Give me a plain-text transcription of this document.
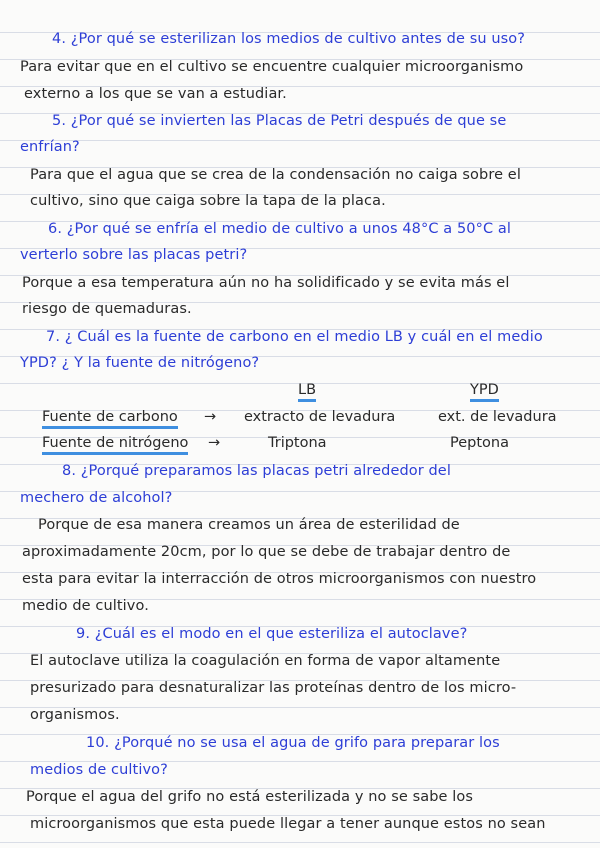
4. ¿Por qué se esterilizan los medios de cultivo antes de su uso?
Para evitar que en el cultivo se encuentre cualquier microorganismo
externo a los que se van a estudiar.
5. ¿Por qué se invierten las Placas de Petri después de que se
enfrían?
Para que el agua que se crea de la condensación no caiga sobre el
cultivo, sino que caiga sobre la tapa de la placa.
6. ¿Por qué se enfría el medio de cultivo a unos 48°C a 50°C al
verterlo sobre las placas petri?
Porque a esa temperatura aún no ha solidificado y se evita más el
riesgo de quemaduras.
7. ¿ Cuál es la fuente de carbono en el medio LB y cuál en el medio
YPD? ¿ Y la fuente de nitrógeno?
LB	YPD
Fuente de carbono → extracto de levadura	ext. de levadura
Fuente de nitrógeno →	Triptona	Peptona
8. ¿Porqué preparamos las placas petri alrededor del
mechero de alcohol?
Porque de esa manera creamos un área de esterilidad de
aproximadamente 20cm, por lo que se debe de trabajar dentro de
esta para evitar la interracción de otros microorganismos con nuestro
medio de cultivo.
9. ¿Cuál es el modo en el que esteriliza el autoclave?
El autoclave utiliza la coagulación en forma de vapor altamente
presurizado para desnaturalizar las proteínas dentro de los micro-
organismos.
10. ¿Porqué no se usa el agua de grifo para preparar los
medios de cultivo?
Porque el agua del grifo no está esterilizada y no se sabe los
microorganismos que esta puede llegar a tener aunque estos no sean
